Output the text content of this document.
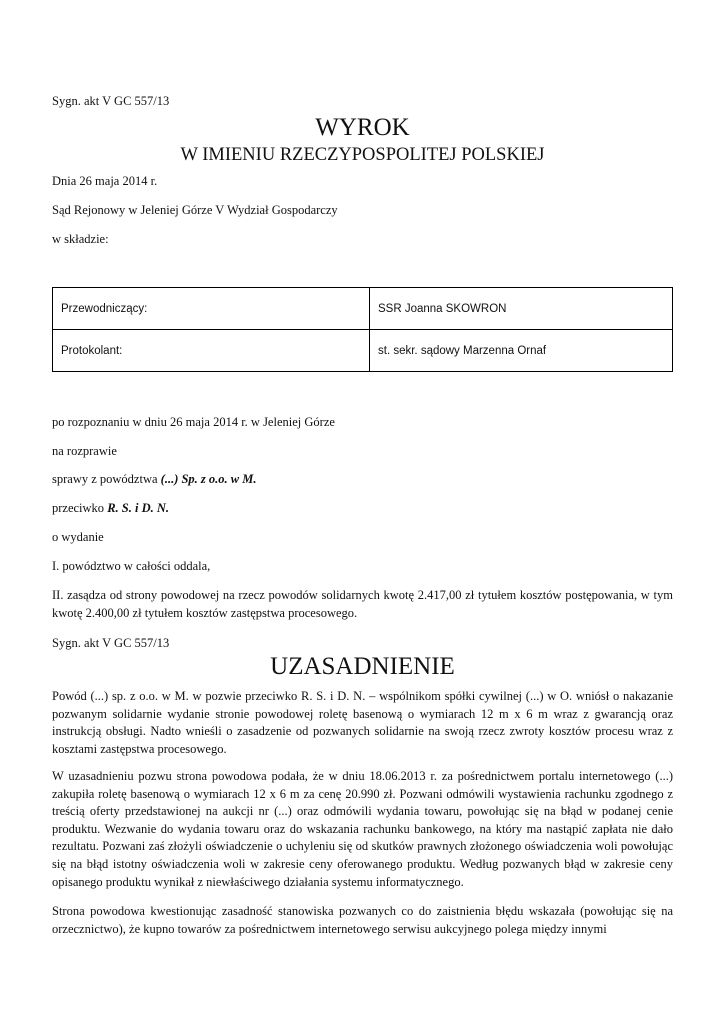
Sygn. akt V GC 557/13
WYROK
W IMIENIU RZECZYPOSPOLITEJ POLSKIEJ
Dnia 26 maja 2014 r.
Sąd Rejonowy w Jeleniej Górze V Wydział Gospodarczy
w składzie:
Przewodniczący:	SSR Joanna SKOWRON
Protokolant:	st. sekr. sądowy Marzenna Ornaf
po rozpoznaniu w dniu 26 maja 2014 r. w Jeleniej Górze
na rozprawie
sprawy z powództwa (...) Sp. z o.o. w M.
przeciwko R. S. i D. N.
o wydanie
I. powództwo w całości oddala,
II. zasądza od strony powodowej na rzecz powodów solidarnych kwotę 2.417,00 zł tytułem kosztów postępowania, w tym kwotę 2.400,00 zł tytułem kosztów zastępstwa procesowego.
Sygn. akt V GC 557/13
UZASADNIENIE
Powód (...) sp. z o.o. w M. w pozwie przeciwko R. S. i D. N. – wspólnikom spółki cywilnej (...) w O. wniósł o nakazanie pozwanym solidarnie wydanie stronie powodowej roletę basenową o wymiarach 12 m x 6 m wraz z gwarancją oraz instrukcją obsługi. Nadto wnieśli o zasadzenie od pozwanych solidarnie na swoją rzecz zwroty kosztów procesu wraz z kosztami zastępstwa procesowego.
W uzasadnieniu pozwu strona powodowa podała, że w dniu 18.06.2013 r. za pośrednictwem portalu internetowego (...) zakupiła roletę basenową o wymiarach 12 x 6 m za cenę 20.990 zł. Pozwani odmówili wystawienia rachunku zgodnego z treścią oferty przedstawionej na aukcji nr (...) oraz odmówili wydania towaru, powołując się na błąd w podanej cenie produktu. Wezwanie do wydania towaru oraz do wskazania rachunku bankowego, na który ma nastąpić zapłata nie dało rezultatu. Pozwani zaś złożyli oświadczenie o uchyleniu się od skutków prawnych złożonego oświadczenia woli powołując się na błąd istotny oświadczenia woli w zakresie ceny oferowanego produktu. Według pozwanych błąd w zakresie ceny opisanego produktu wynikał z niewłaściwego działania systemu informatycznego.
Strona powodowa kwestionując zasadność stanowiska pozwanych co do zaistnienia błędu wskazała (powołując się na orzecznictwo), że kupno towarów za pośrednictwem internetowego serwisu aukcyjnego polega między innymi
